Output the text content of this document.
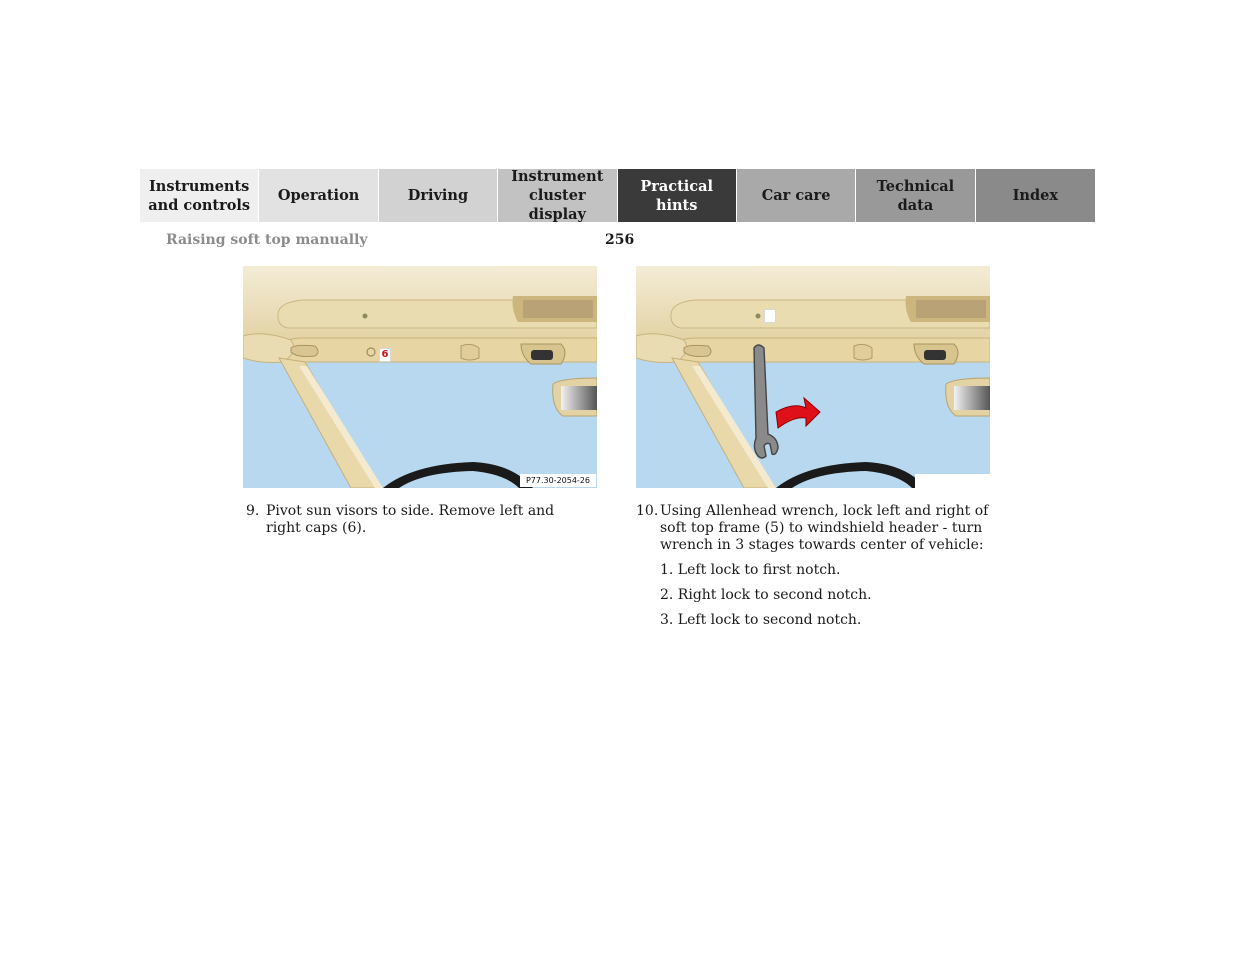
Instruments
and controls
Operation	Driving
Instrument
cluster display
Practical hints
Car care
Technical
data
Index
Raising soft top manually	256
6
P77.30-2054-26
9. Pivot sun visors to side. Remove left and right caps (6).
10. Using Allenhead wrench, lock left and right of soft top frame (5) to windshield header - turn wrench in 3 stages towards center of vehicle:
1. Left lock to first notch.
2. Right lock to second notch.
3. Left lock to second notch.
